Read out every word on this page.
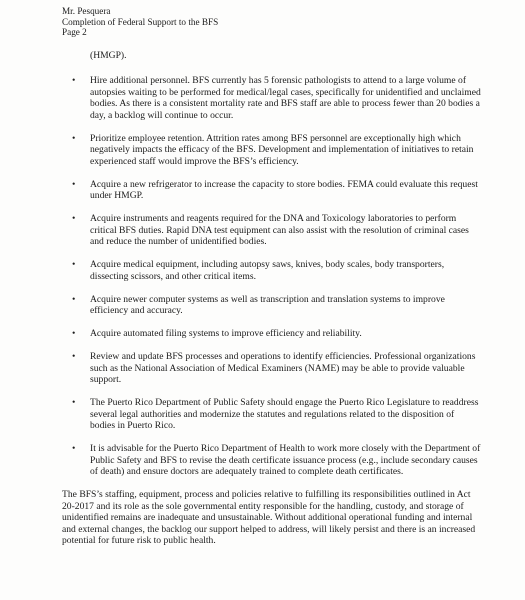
Mr. Pesquera
Completion of Federal Support to the BFS
Page 2
(HMGP).
• Hire additional personnel. BFS currently has 5 forensic pathologists to attend to a large volume of autopsies waiting to be performed for medical/legal cases, specifically for unidentified and unclaimed bodies. As there is a consistent mortality rate and BFS staff are able to process fewer than 20 bodies a day, a backlog will continue to occur.
• Prioritize employee retention. Attrition rates among BFS personnel are exceptionally high which negatively impacts the efficacy of the BFS. Development and implementation of initiatives to retain experienced staff would improve the BFS’s efficiency.
• Acquire a new refrigerator to increase the capacity to store bodies. FEMA could evaluate this request under HMGP.
• Acquire instruments and reagents required for the DNA and Toxicology laboratories to perform critical BFS duties. Rapid DNA test equipment can also assist with the resolution of criminal cases and reduce the number of unidentified bodies.
• Acquire medical equipment, including autopsy saws, knives, body scales, body transporters, dissecting scissors, and other critical items.
• Acquire newer computer systems as well as transcription and translation systems to improve efficiency and accuracy.
• Acquire automated filing systems to improve efficiency and reliability.
• Review and update BFS processes and operations to identify efficiencies. Professional organizations such as the National Association of Medical Examiners (NAME) may be able to provide valuable support.
• The Puerto Rico Department of Public Safety should engage the Puerto Rico Legislature to readdress several legal authorities and modernize the statutes and regulations related to the disposition of bodies in Puerto Rico.
• It is advisable for the Puerto Rico Department of Health to work more closely with the Department of Public Safety and BFS to revise the death certificate issuance process (e.g., include secondary causes of death) and ensure doctors are adequately trained to complete death certificates.

The BFS’s staffing, equipment, process and policies relative to fulfilling its responsibilities outlined in Act 20-2017 and its role as the sole governmental entity responsible for the handling, custody, and storage of unidentified remains are inadequate and unsustainable. Without additional operational funding and internal and external changes, the backlog our support helped to address, will likely persist and there is an increased potential for future risk to public health.
